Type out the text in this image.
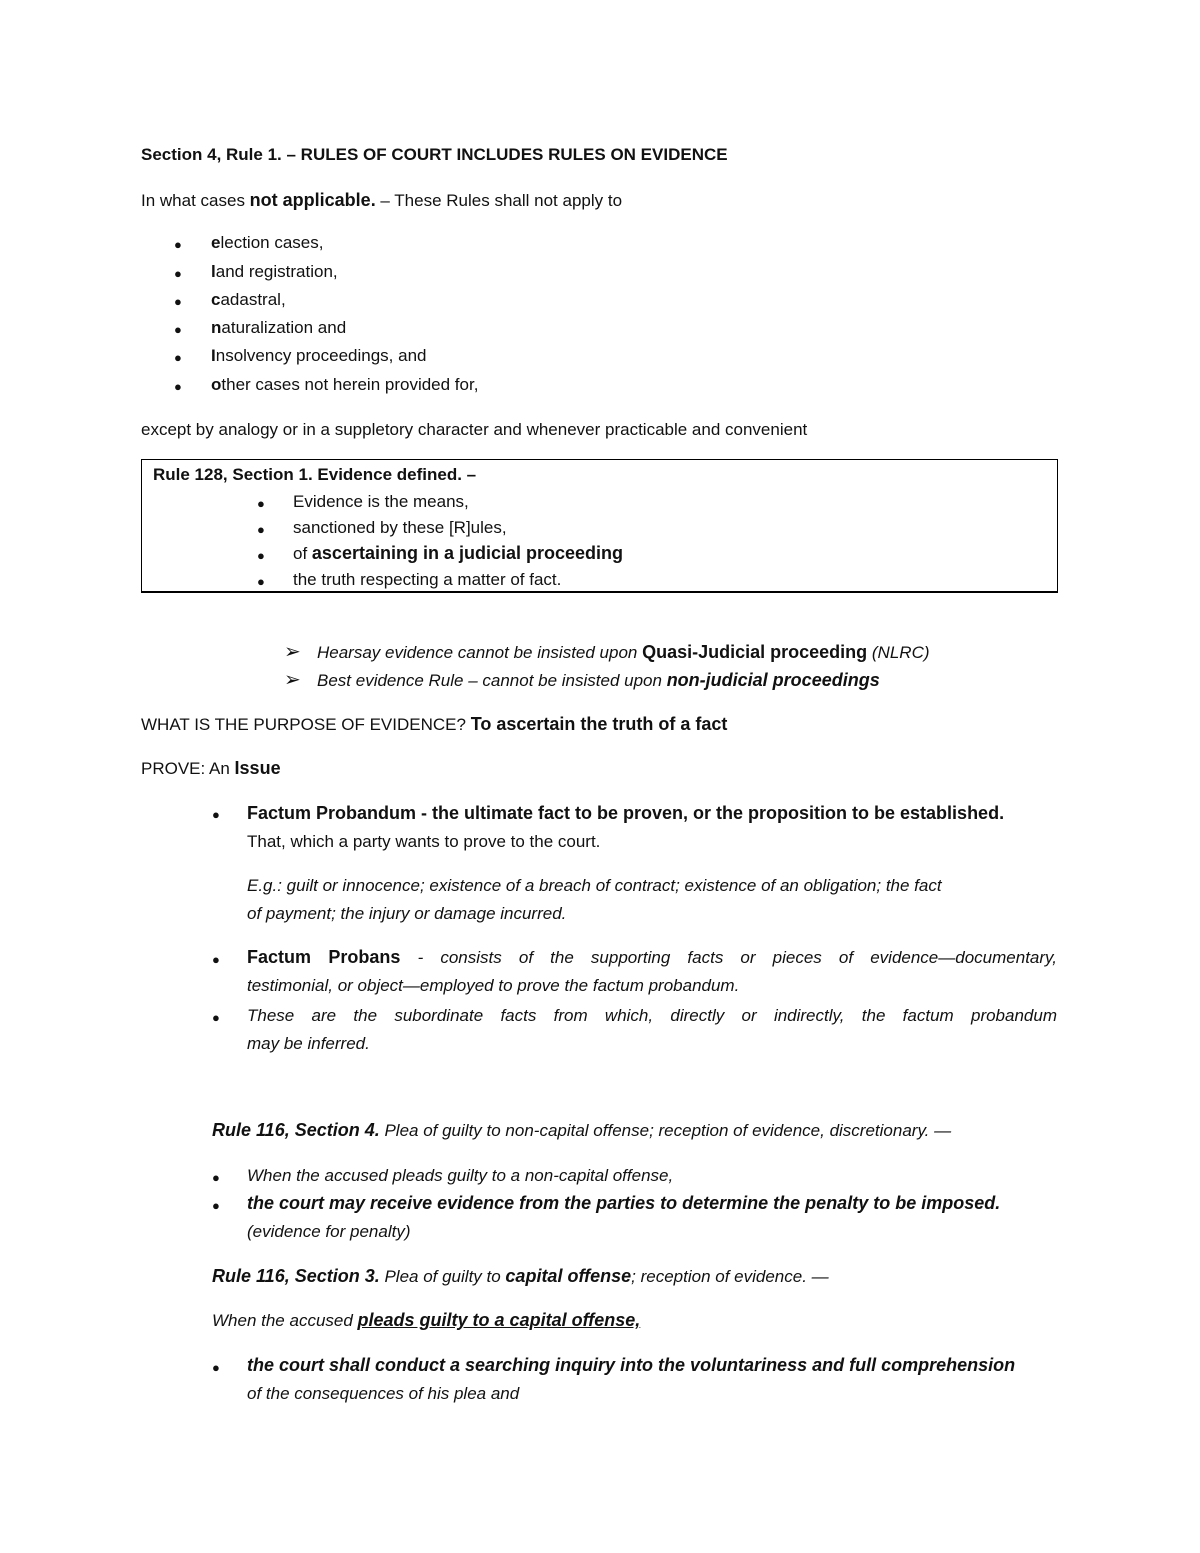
Section 4, Rule 1. – RULES OF COURT INCLUDES RULES ON EVIDENCE
In what cases not applicable. – These Rules shall not apply to
● election cases,
● land registration,
● cadastral,
● naturalization and
● Insolvency proceedings, and
● other cases not herein provided for,
except by analogy or in a suppletory character and whenever practicable and convenient
Rule 128, Section 1. Evidence defined. –
● Evidence is the means,
● sanctioned by these [R]ules,
● of ascertaining in a judicial proceeding
● the truth respecting a matter of fact.
➢ Hearsay evidence cannot be insisted upon Quasi-Judicial proceeding (NLRC)
➢ Best evidence Rule – cannot be insisted upon non-judicial proceedings
WHAT IS THE PURPOSE OF EVIDENCE? To ascertain the truth of a fact
PROVE: An Issue
● Factum Probandum - the ultimate fact to be proven, or the proposition to be established.
That, which a party wants to prove to the court.
E.g.: guilt or innocence; existence of a breach of contract; existence of an obligation; the fact
of payment; the injury or damage incurred.
● Factum Probans - consists of the supporting facts or pieces of evidence—documentary,
testimonial, or object—employed to prove the factum probandum.
● These are the subordinate facts from which, directly or indirectly, the factum probandum
may be inferred.
Rule 116, Section 4. Plea of guilty to non-capital offense; reception of evidence, discretionary. —
● When the accused pleads guilty to a non-capital offense,
● the court may receive evidence from the parties to determine the penalty to be imposed.
(evidence for penalty)
Rule 116, Section 3. Plea of guilty to capital offense; reception of evidence. —
When the accused pleads guilty to a capital offense,
● the court shall conduct a searching inquiry into the voluntariness and full comprehension
of the consequences of his plea and
